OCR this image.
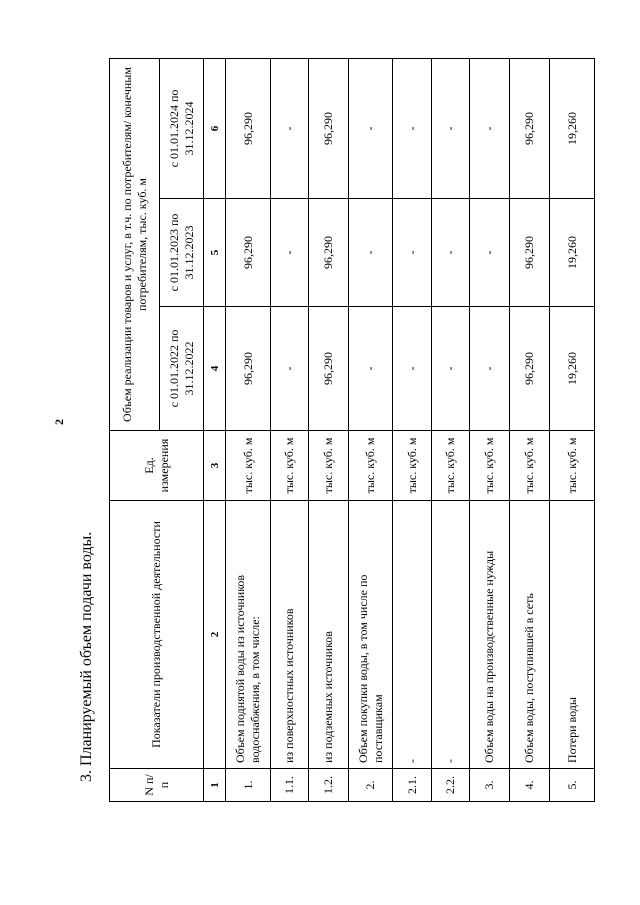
2
3. Планируемый объем подачи воды.
N п/п	Показатели производственной деятельности	Ед. измерения	Объем реализации товаров и услуг, в т.ч. по потребителям/ конечным потребителям, тыс. куб. м		
			с 01.01.2022 по 31.12.2022	с 01.01.2023 по 31.12.2023	с 01.01.2024 по 31.12.2024
1	2	3	4	5	6
1.	Объем поднятой воды из источников водоснабжения, в том числе:	тыс. куб. м	96,290	96,290	96,290
1.1.	из поверхностных источников	тыс. куб. м	-	-	-
1.2.	из подземных источников	тыс. куб. м	96,290	96,290	96,290
2.	Объем покупки воды, в том числе по поставщикам	тыс. куб. м	-	-	-
2.1.	-	тыс. куб. м	-	-	-
2.2.	-	тыс. куб. м	-	-	-
3.	Объем воды на производственные нужды	тыс. куб. м	-	-	-
4.	Объем воды, поступившей в сеть	тыс. куб. м	96,290	96,290	96,290
5.	Потери воды	тыс. куб. м	19,260	19,260	19,260
